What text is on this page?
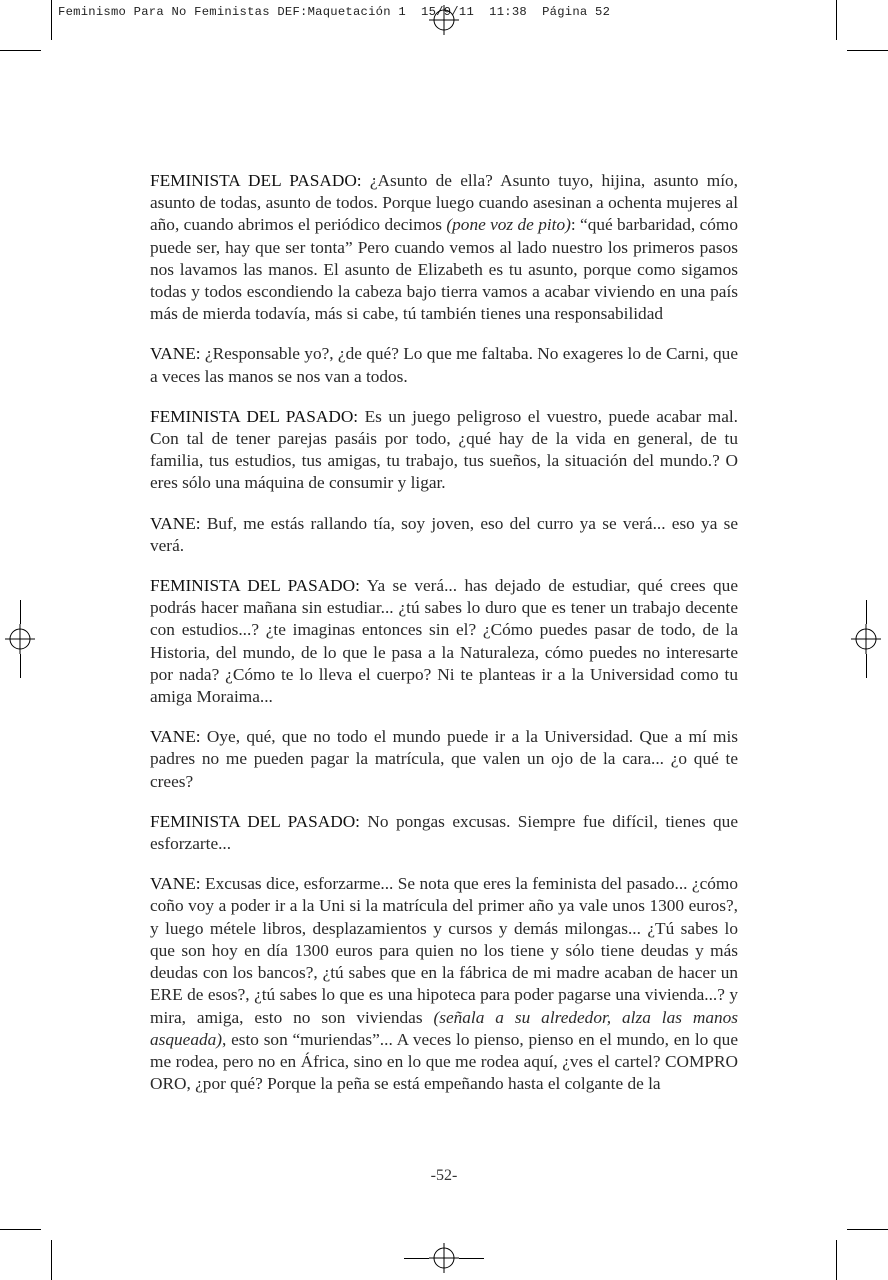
Feminismo Para No Feministas DEF:Maquetación 1  15/9/11  11:38  Página 52

FEMINISTA DEL PASADO: ¿Asunto de ella? Asunto tuyo, hijina, asunto mío, asunto de todas, asunto de todos. Porque luego cuando asesinan a ochenta mujeres al año, cuando abrimos el periódico decimos (pone voz de pito): “qué barbaridad, cómo puede ser, hay que ser tonta” Pero cuando vemos al lado nuestro los primeros pasos nos lavamos las manos. El asunto de Elizabeth es tu asunto, porque como sigamos todas y todos escondiendo la cabeza bajo tierra vamos a acabar viviendo en una país más de mierda todavía, más si cabe, tú también tienes una responsabilidad

VANE: ¿Responsable yo?, ¿de qué? Lo que me faltaba. No exageres lo de Carni, que a veces las manos se nos van a todos.

FEMINISTA DEL PASADO: Es un juego peligroso el vuestro, puede acabar mal. Con tal de tener parejas pasáis por todo, ¿qué hay de la vida en general, de tu familia, tus estudios, tus amigas, tu trabajo, tus sueños, la situación del mundo.? O eres sólo una máquina de consumir y ligar.

VANE: Buf, me estás rallando tía, soy joven, eso del curro ya se verá... eso ya se verá.

FEMINISTA DEL PASADO: Ya se verá... has dejado de estudiar, qué crees que podrás hacer mañana sin estudiar... ¿tú sabes lo duro que es tener un trabajo decente con estudios...? ¿te imaginas entonces sin el? ¿Cómo puedes pasar de todo, de la Historia, del mundo, de lo que le pasa a la Naturaleza, cómo puedes no interesarte por nada? ¿Cómo te lo lleva el cuerpo? Ni te planteas ir a la Universidad como tu amiga Moraima...

VANE: Oye, qué, que no todo el mundo puede ir a la Universidad. Que a mí mis padres no me pueden pagar la matrícula, que valen un ojo de la cara... ¿o qué te crees?

FEMINISTA DEL PASADO: No pongas excusas. Siempre fue difícil, tienes que esforzarte...

VANE: Excusas dice, esforzarme... Se nota que eres la feminista del pasado... ¿cómo coño voy a poder ir a la Uni si la matrícula del primer año ya vale unos 1300 euros?, y luego métele libros, desplazamientos y cursos y demás milongas... ¿Tú sabes lo que son hoy en día 1300 euros para quien no los tiene y sólo tiene deudas y más deudas con los bancos?, ¿tú sabes que en la fábrica de mi madre acaban de hacer un ERE de esos?, ¿tú sabes lo que es una hipoteca para poder pagarse una vivienda...? y mira, amiga, esto no son viviendas (señala a su alrededor, alza las manos asqueada), esto son “muriendas”... A veces lo pienso, pienso en el mundo, en lo que me rodea, pero no en África, sino en lo que me rodea aquí, ¿ves el cartel? COMPRO ORO, ¿por qué? Porque la peña se está empeñando hasta el colgante de la

-52-
